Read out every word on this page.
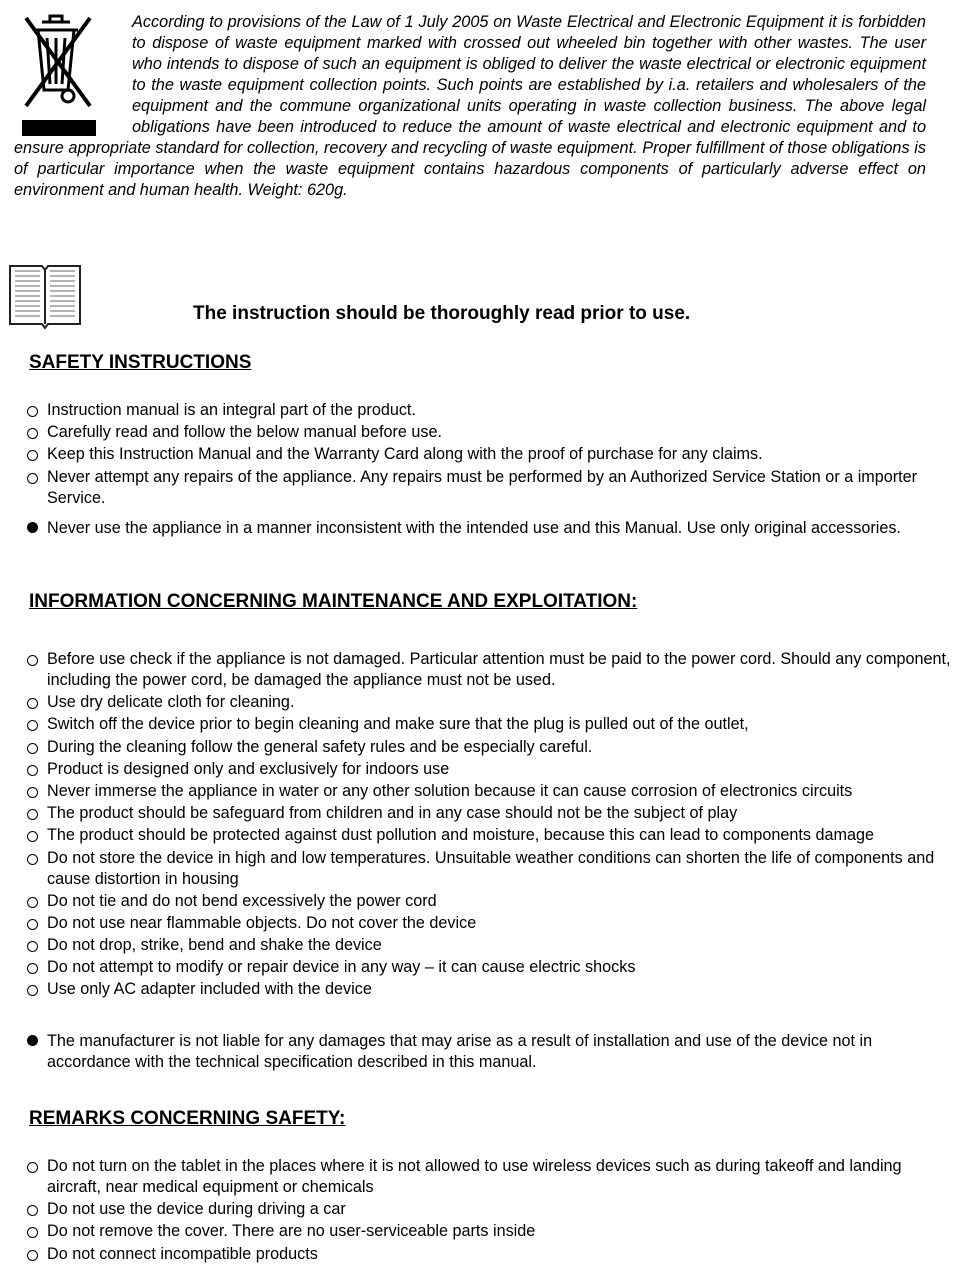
According to provisions of the Law of 1 July 2005 on Waste Electrical and Electronic Equipment it is forbidden to dispose of waste equipment marked with crossed out wheeled bin together with other wastes. The user who intends to dispose of such an equipment is obliged to deliver the waste electrical or electronic equipment to the waste equipment collection points. Such points are established by i.a. retailers and wholesalers of the equipment and the commune organizational units operating in waste collection business. The above legal obligations have been introduced to reduce the amount of waste electrical and electronic equipment and to ensure appropriate standard for collection, recovery and recycling of waste equipment. Proper fulfillment of those obligations is of particular importance when the waste equipment contains hazardous components of particularly adverse effect on environment and human health. Weight: 620g.

The instruction should be thoroughly read prior to use.

SAFETY INSTRUCTIONS
Instruction manual is an integral part of the product.
Carefully read and follow the below manual before use.
Keep this Instruction Manual and the Warranty Card along with the proof of purchase for any claims.
Never attempt any repairs of the appliance. Any repairs must be performed by an Authorized Service Station or a importer Service.
Never use the appliance in a manner inconsistent with the intended use and this Manual. Use only original accessories.
INFORMATION CONCERNING MAINTENANCE AND EXPLOITATION:
Before use check if the appliance is not damaged. Particular attention must be paid to the power cord. Should any component, including the power cord, be damaged the appliance must not be used.
Use dry delicate cloth for cleaning.
Switch off the device prior to begin cleaning and make sure that the plug is pulled out of the outlet,
During the cleaning follow the general safety rules and be especially careful.
Product is designed only and exclusively for indoors use
Never immerse the appliance in water or any other solution because it can cause corrosion of electronics circuits
The product should be safeguard from children and in any case should not be the subject of play
The product should be protected against dust pollution and moisture, because this can lead to components damage
Do not store the device in high and low temperatures. Unsuitable weather conditions can shorten the life of components and cause distortion in housing
Do not tie and do not bend excessively the power cord
Do not use near flammable objects. Do not cover the device
Do not drop, strike, bend and shake the device
Do not attempt to modify or repair device in any way – it can cause electric shocks
Use only AC adapter included with the device
The manufacturer is not liable for any damages that may arise as a result of installation and use of the device not in accordance with the technical specification described in this manual.
REMARKS CONCERNING SAFETY:
Do not turn on the tablet in the places where it is not allowed to use wireless devices such as during takeoff and landing aircraft, near medical equipment or chemicals
Do not use the device during driving a car
Do not remove the cover. There are no user-serviceable parts inside
Do not connect incompatible products
